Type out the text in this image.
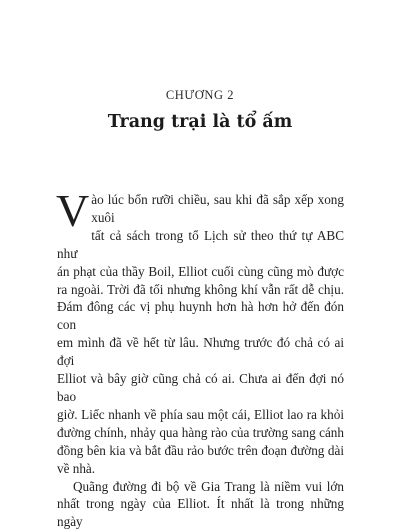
CHƯƠNG 2
Trang trại là tổ ấm
V ào lúc bốn rưỡi chiều, sau khi đã sắp xếp xong xuôi

tất cả sách trong tổ Lịch sử theo thứ tự ABC như

án phạt của thầy Boil, Elliot cuối cùng cũng mò được

ra ngoài. Trời đã tối nhưng không khí vẫn rất dễ chịu.

Đám đông các vị phụ huynh hơn hà hơn hở đến đón con

em mình đã về hết từ lâu. Nhưng trước đó chả có ai đợi

Elliot và bây giờ cũng chả có ai. Chưa ai đến đợi nó bao

giờ. Liếc nhanh về phía sau một cái, Elliot lao ra khỏi

đường chính, nhảy qua hàng rào của trường sang cánh

đồng bên kia và bắt đầu rảo bước trên đoạn đường dài

về nhà.

Quãng đường đi bộ về Gia Trang là niềm vui lớn

nhất trong ngày của Elliot. Ít nhất là trong những ngày
